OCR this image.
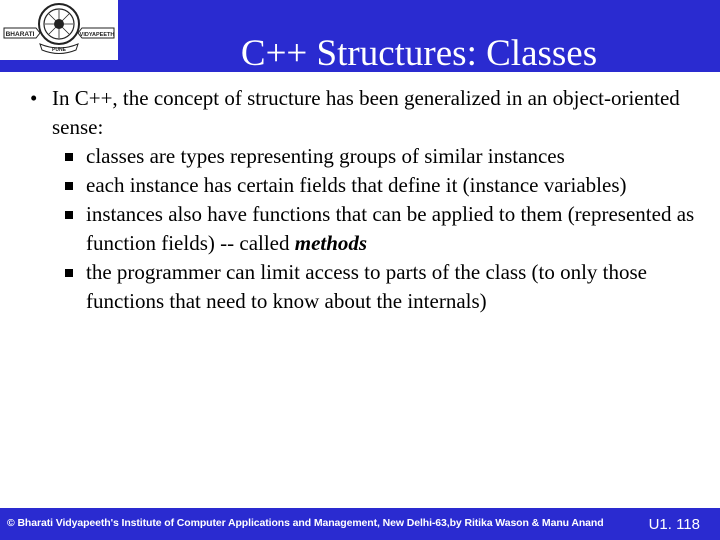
BHARATI	VIDYAPEETH
PUNE	C++ Structures: Classes
• In C++, the concept of structure has been generalized in an object-oriented sense:
classes are types representing groups of similar instances
each instance has certain fields that define it (instance variables)
instances also have functions that can be applied to them (represented as function fields) -- called methods
the programmer can limit access to parts of the class (to only those functions that need to know about the internals)
© Bharati Vidyapeeth's Institute of Computer Applications and Management, New Delhi-63,by Ritika Wason & Manu Anand	U1. 118
